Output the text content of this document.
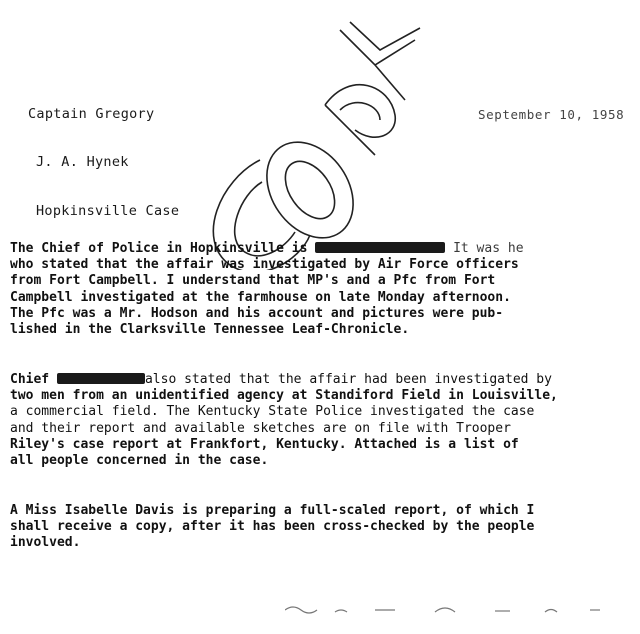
Captain Gregory	September 10, 1958
J. A. Hynek
Hopkinsville Case

The Chief of Police in Hopkinsville is	It was he

who stated that the affair was investigated by Air Force officers

from Fort Campbell. I understand that MP's and a Pfc from Fort

Campbell investigated at the farmhouse on late Monday afternoon.

The Pfc was a Mr. Hodson and his account and pictures were pub-

lished in the Clarksville Tennessee Leaf-Chronicle.

Chief	also stated that the affair had been investigated by

two men from an unidentified agency at Standiford Field in Louisville,

a commercial field. The Kentucky State Police investigated the case

and their report and available sketches are on file with Trooper

Riley's case report at Frankfort, Kentucky. Attached is a list of

all people concerned in the case.

A Miss Isabelle Davis is preparing a full-scaled report, of which I

shall receive a copy, after it has been cross-checked by the people

involved.
